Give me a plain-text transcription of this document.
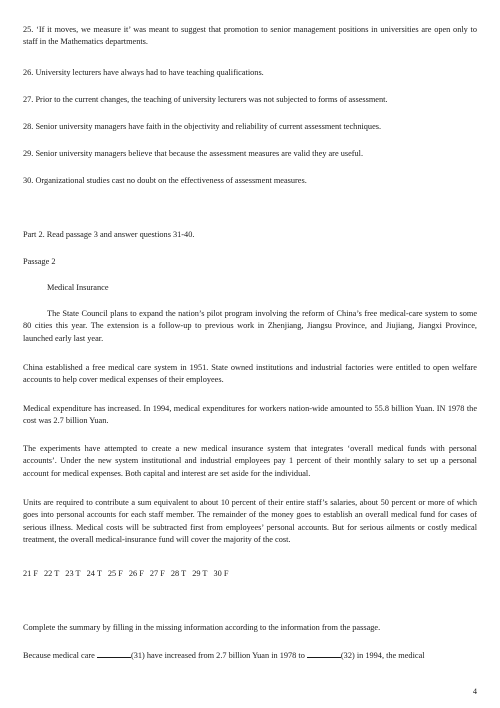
25. ‘If it moves, we measure it’ was meant to suggest that promotion to senior management positions in universities are open only to staff in the Mathematics departments.

26. University lecturers have always had to have teaching qualifications.

27. Prior to the current changes, the teaching of university lecturers was not subjected to forms of assessment.

28. Senior university managers have faith in the objectivity and reliability of current assessment techniques.

29. Senior university managers believe that because the assessment measures are valid they are useful.

30. Organizational studies cast no doubt on the effectiveness of assessment measures.

Part 2. Read passage 3 and answer questions 31-40.

Passage 2

Medical Insurance

The State Council plans to expand the nation’s pilot program involving the reform of China’s free medical-care system to some 80 cities this year. The extension is a follow-up to previous work in Zhenjiang, Jiangsu Province, and Jiujiang, Jiangxi Province, launched early last year.

China established a free medical care system in 1951. State owned institutions and industrial factories were entitled to open welfare accounts to help cover medical expenses of their employees.

Medical expenditure has increased. In 1994, medical expenditures for workers nation-wide amounted to 55.8 billion Yuan. IN 1978 the cost was 2.7 billion Yuan.

The experiments have attempted to create a new medical insurance system that integrates ‘overall medical funds with personal accounts’. Under the new system institutional and industrial employees pay 1 percent of their monthly salary to set up a personal account for medical expenses. Both capital and interest are set aside for the individual.

Units are required to contribute a sum equivalent to about 10 percent of their entire staff’s salaries, about 50 percent or more of which goes into personal accounts for each staff member. The remainder of the money goes to establish an overall medical fund for cases of serious illness. Medical costs will be subtracted first from employees’ personal accounts. But for serious ailments or costly medical treatment, the overall medical-insurance fund will cover the majority of the cost.

21 F 22 T 23 T 24 T 25 F 26 F 27 F 28 T 29 T 30 F

Complete the summary by filling in the missing information according to the information from the passage.

Because medical care	(31) have increased from 2.7 billion Yuan in 1978 to	(32) in 1994, the medical

4
